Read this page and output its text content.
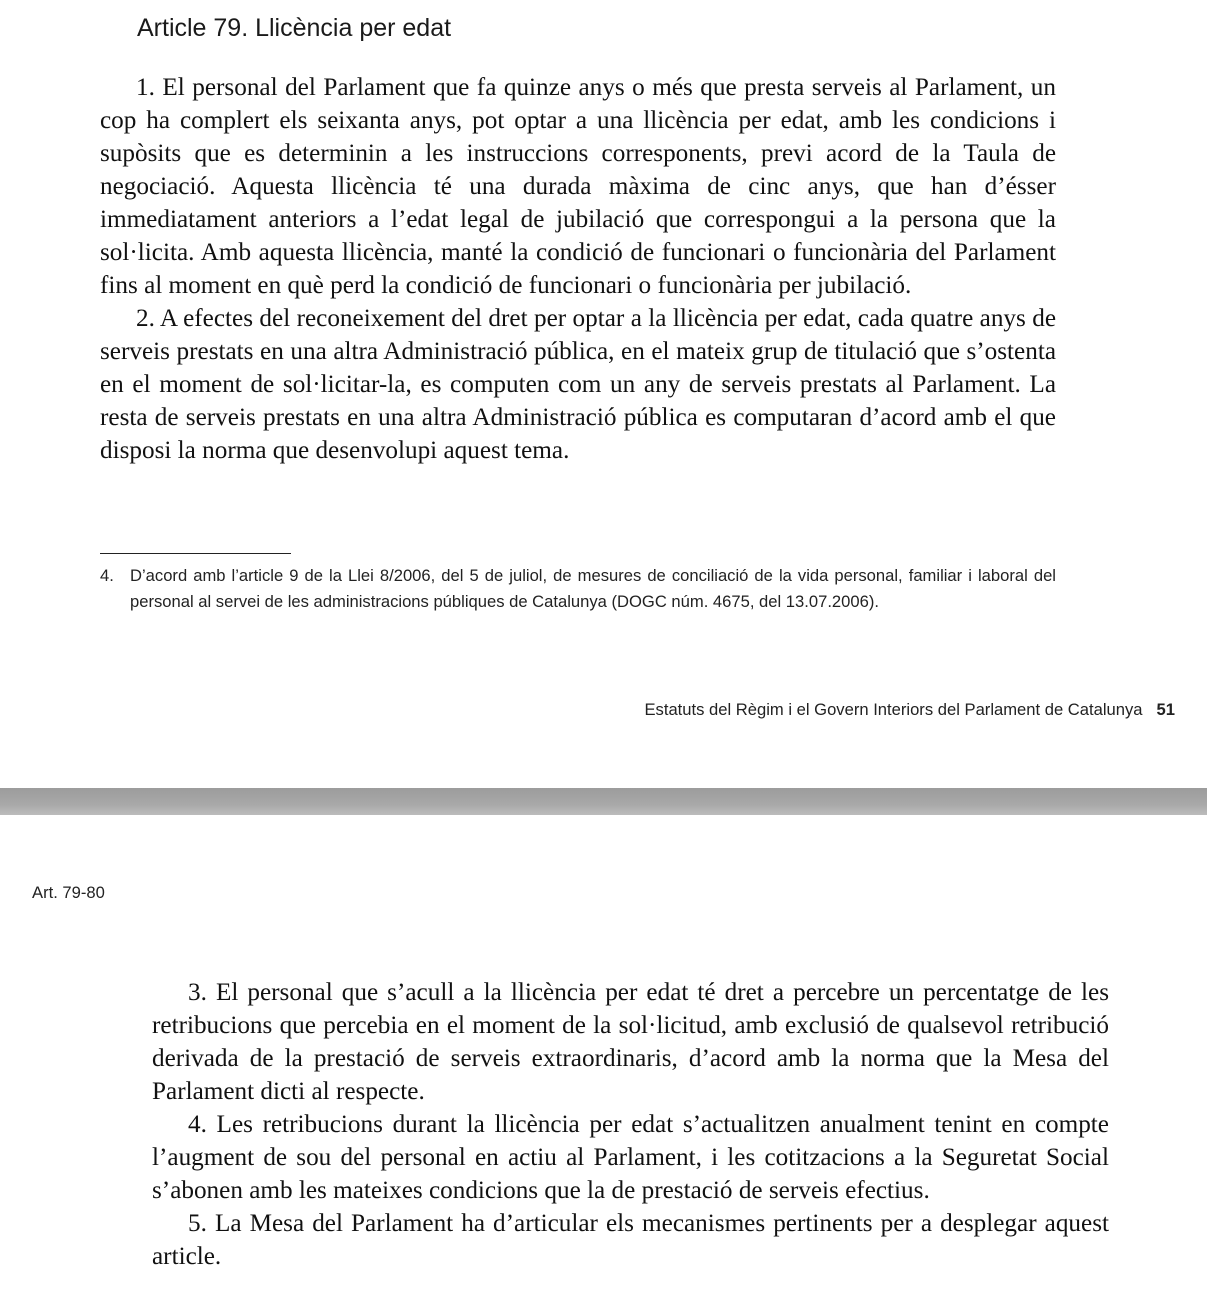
Article 79. Llicència per edat

1. El personal del Parlament que fa quinze anys o més que presta serveis al Parlament, un cop ha complert els seixanta anys, pot optar a una llicència per edat, amb les condicions i supòsits que es determinin a les instruccions corresponents, previ acord de la Taula de negociació. Aquesta llicència té una durada màxima de cinc anys, que han d’ésser immediatament anteriors a l’edat legal de jubilació que correspongui a la persona que la sol·licita. Amb aquesta llicència, manté la condició de funcionari o funcionària del Parlament fins al moment en què perd la condició de funcionari o funcionària per jubilació.

2. A efectes del reconeixement del dret per optar a la llicència per edat, cada quatre anys de serveis prestats en una altra Administració pública, en el mateix grup de titulació que s’ostenta en el moment de sol·licitar-la, es computen com un any de serveis prestats al Parlament. La resta de serveis prestats en una altra Administració pública es computaran d’acord amb el que disposi la norma que desenvolupi aquest tema.

4. D’acord amb l’article 9 de la Llei 8/2006, del 5 de juliol, de mesures de conciliació de la vida personal, familiar i laboral del personal al servei de les administracions públiques de Catalunya (DOGC núm. 4675, del 13.07.2006).
Estatuts del Règim i el Govern Interiors del Parlament de Catalunya 51
Art. 79-80

3. El personal que s’acull a la llicència per edat té dret a percebre un percentatge de les retribucions que percebia en el moment de la sol·licitud, amb exclusió de qualsevol retribució derivada de la prestació de serveis extraordinaris, d’acord amb la norma que la Mesa del Parlament dicti al respecte.

4. Les retribucions durant la llicència per edat s’actualitzen anualment tenint en compte l’augment de sou del personal en actiu al Parlament, i les cotitzacions a la Seguretat Social s’abonen amb les mateixes condicions que la de prestació de serveis efectius.

5. La Mesa del Parlament ha d’articular els mecanismes pertinents per a desplegar aquest article.
